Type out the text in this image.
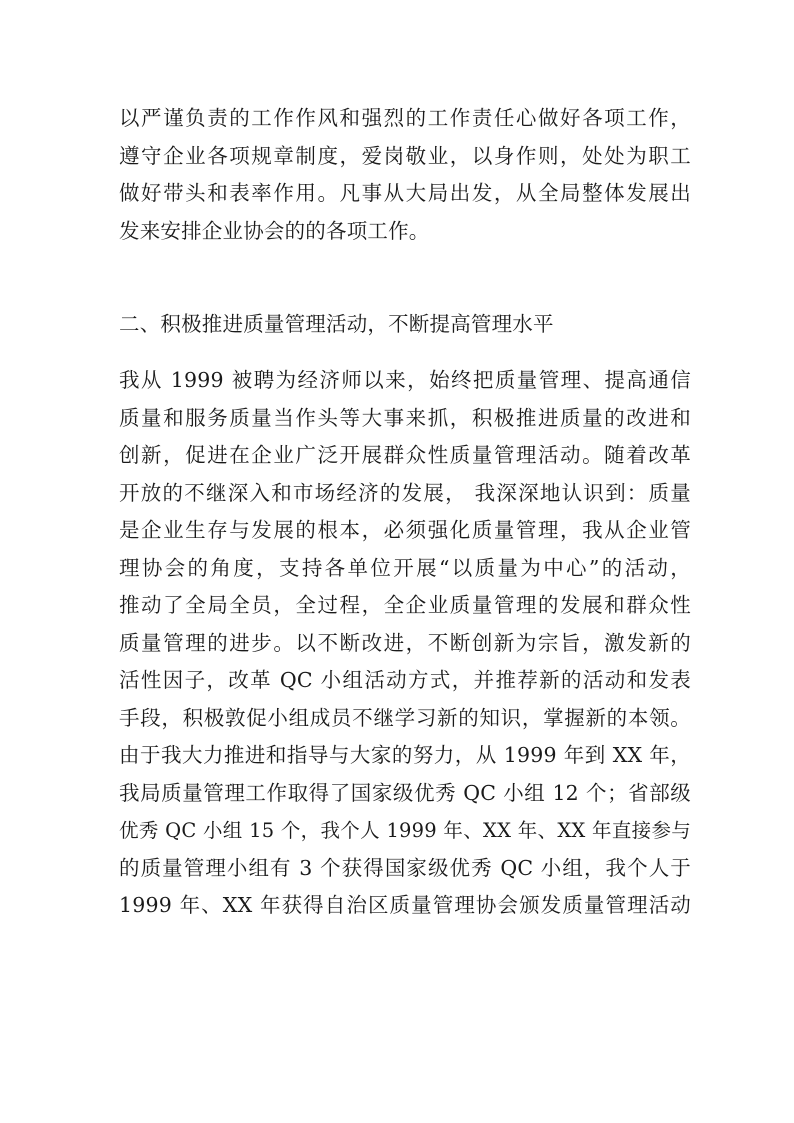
以严谨负责的工作作风和强烈的工作责任心做好各项工作，
遵守企业各项规章制度，爱岗敬业，以身作则，处处为职工
做好带头和表率作用。凡事从大局出发，从全局整体发展出
发来安排企业协会的的各项工作。
二、积极推进质量管理活动，不断提高管理水平
我从 1999 被聘为经济师以来，始终把质量管理、提高通信
质量和服务质量当作头等大事来抓，积极推进质量的改进和
创新，促进在企业广泛开展群众性质量管理活动。随着改革
开放的不继深入和市场经济的发展， 我深深地认识到：质量
是企业生存与发展的根本，必须强化质量管理，我从企业管
理协会的角度，支持各单位开展“以质量为中心”的活动，
推动了全局全员，全过程，全企业质量管理的发展和群众性
质量管理的进步。以不断改进，不断创新为宗旨，激发新的
活性因子，改革 QC 小组活动方式，并推荐新的活动和发表
手段，积极敦促小组成员不继学习新的知识，掌握新的本领。
由于我大力推进和指导与大家的努力，从 1999 年到 XX 年，
我局质量管理工作取得了国家级优秀 QC 小组 12 个；省部级
优秀 QC 小组 15 个，我个人 1999 年、XX 年、XX 年直接参与
的质量管理小组有 3 个获得国家级优秀 QC 小组，我个人于
1999 年、XX 年获得自治区质量管理协会颁发质量管理活动
